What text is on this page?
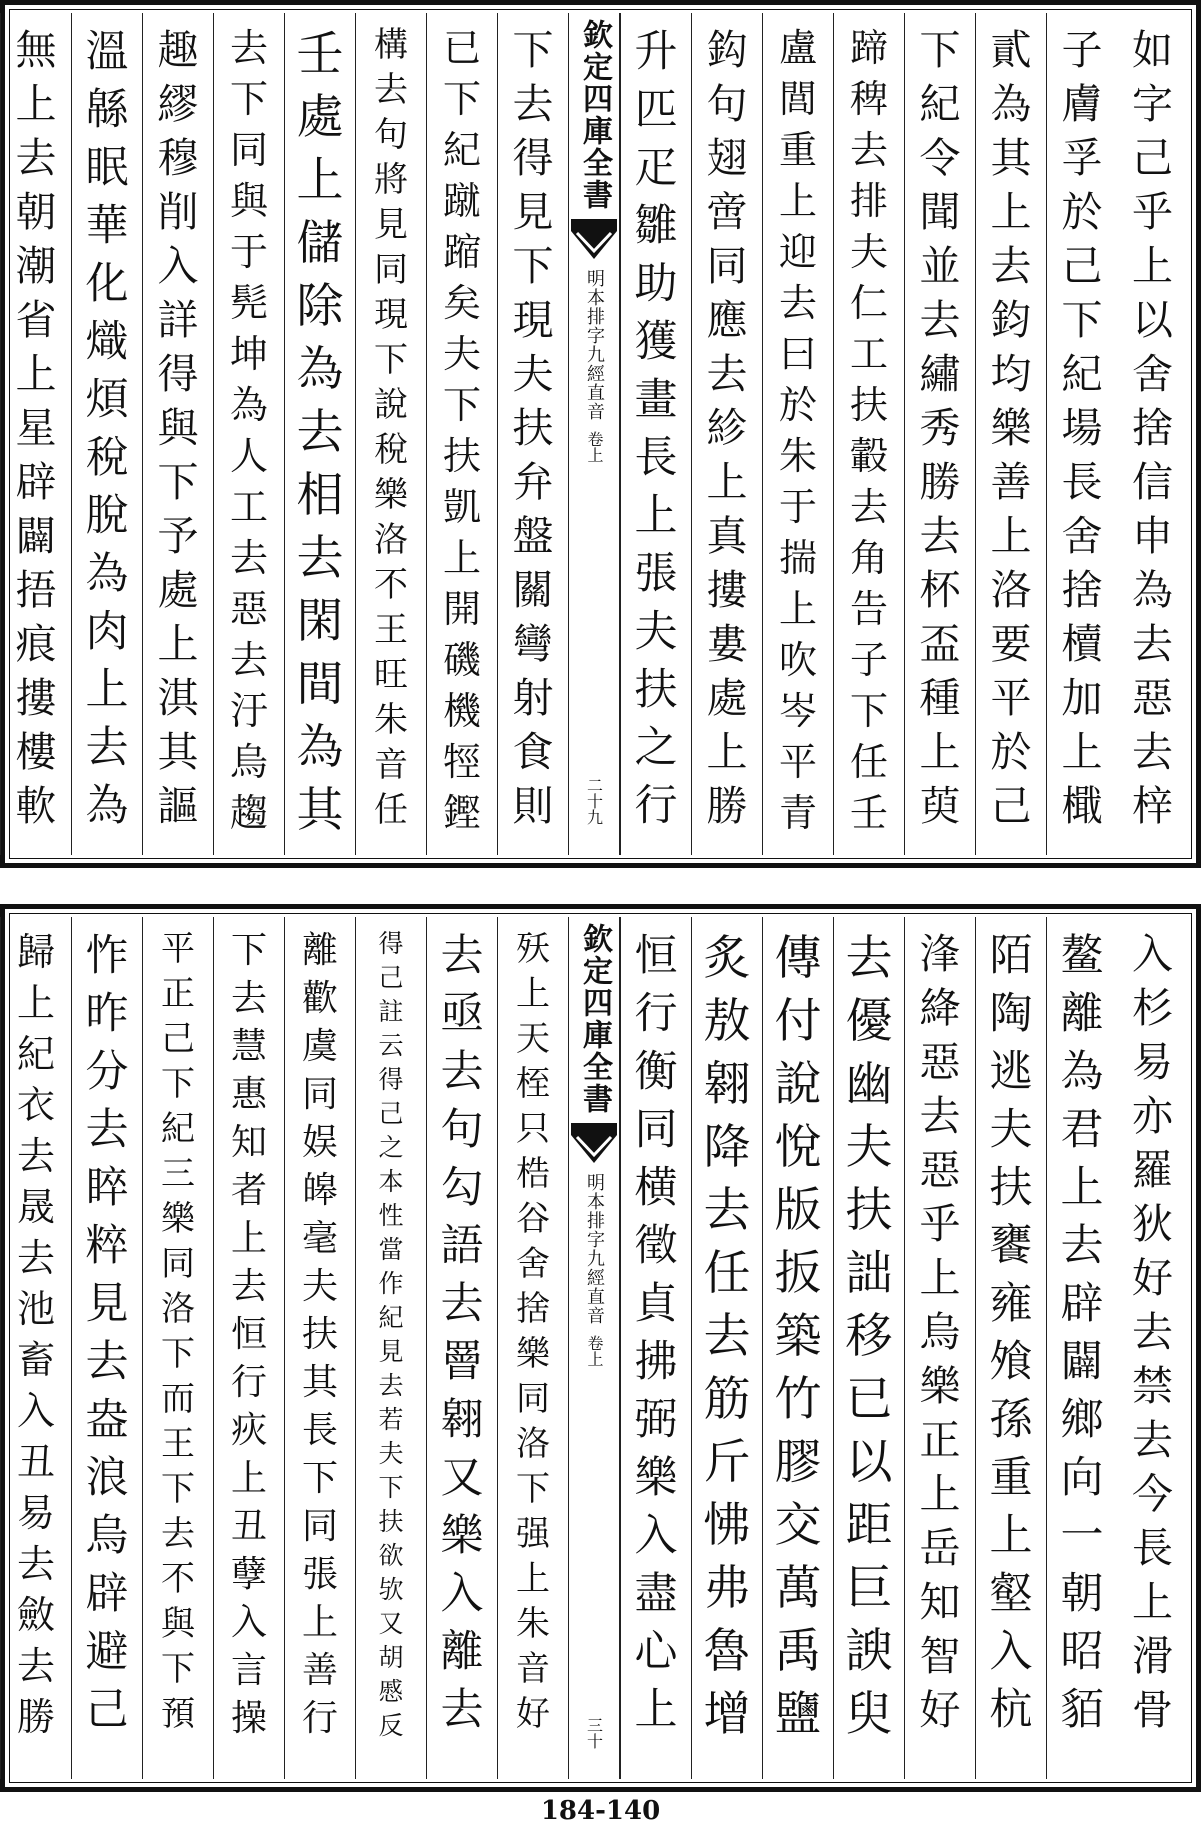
如
字
己
乎
上
以
舍
捨
信
申
為
去
惡
去
梓
子
膚
孚
於
己
下
紀
場
長
舍
捨
櫝
加
上
檝
貳
為
其
上
去
鈞
均
樂
善
上
洛
要
平
於
己
下
紀
令
聞
並
去
繡
秀
勝
去
杯
盃
種
上
萸
蹄
稗
去
排
夫
仁
工
扶
轂
去
角
告
子
下
任
壬
盧
閭
重
上
迎
去
曰
於
朱
于
揣
上
吹
岑
平
青
鈎
句
翅
啻
同
應
去
紾
上
真
摟
婁
處
上
勝
升
匹
疋
雛
助
獲
畫
長
上
張
夫
扶
之
行
欽定四庫全書
明本排字九經直音
卷上
二十九
下
去
得
見
下
現
夫
扶
弁
盤
關
彎
射
食
則
已
下
紀
蹴
蹜
矣
夫
下
扶
凱
上
開
磯
機
牼
鏗
構
去
句
將
見
同
現
下
說
稅
樂
洛
不
王
旺
朱
音
任
壬
處
上
儲
除
為
去
相
去
閑
間
為
其
去
下
同
與
于
髡
坤
為
人
工
去
惡
去
汙
烏
趨
趣
繆
穆
削
入
詳
得
與
下
予
處
上
淇
其
謳
溫
緜
眠
華
化
熾
煩
稅
脫
為
肉
上
去
為
無
上
去
朝
潮
省
上
星
辟
闢
捂
痕
摟
樓
軟
入
杉
易
亦
羅
狄
好
去
禁
去
今
長
上
滑
骨
鳌
離
為
君
上
去
辟
闢
鄉
向
一
朝
昭
貊
陌
陶
逃
夫
扶
饔
雍
飧
孫
重
上
壑
入
杭
浲
絳
惡
去
惡
乎
上
烏
樂
正
上
岳
知
智
好
去
優
幽
夫
扶
詘
移
已
以
距
巨
諛
臾
傳
付
說
悅
版
扳
築
竹
膠
交
萬
禹
鹽
炙
敖
翱
降
去
任
去
筋
斤
怫
弗
魯
增
恒
行
衡
同
横
徵
貞
拂
弼
樂
入
盡
心
上
欽定四庫全書
明本排字九經直音
卷上
三十
殀
上
天
桎
只
梏
谷
舍
捨
樂
同
洛
下
强
上
朱
音
好
去
亟
去
句
勾
語
去
罾
翱
又
樂
入
離
去
得
己
註
云
得
己
之
本
性
當
作
紀
見
去
若
夫
下
扶
欲
欤
又
胡
慼
反
離
歡
虞
同
娱
皞
毫
夫
扶
其
長
下
同
張
上
善
行
下
去
慧
惠
知
者
上
去
恒
行
疢
上
丑
孽
入
言
操
平
正
己
下
紀
三
樂
同
洛
下
而
王
下
去
不
與
下
預
怍
昨
分
去
睟
粹
見
去
盎
浪
烏
辟
避
己
歸
上
紀
衣
去
晟
去
池
畜
入
丑
易
去
斂
去
勝
184-140
